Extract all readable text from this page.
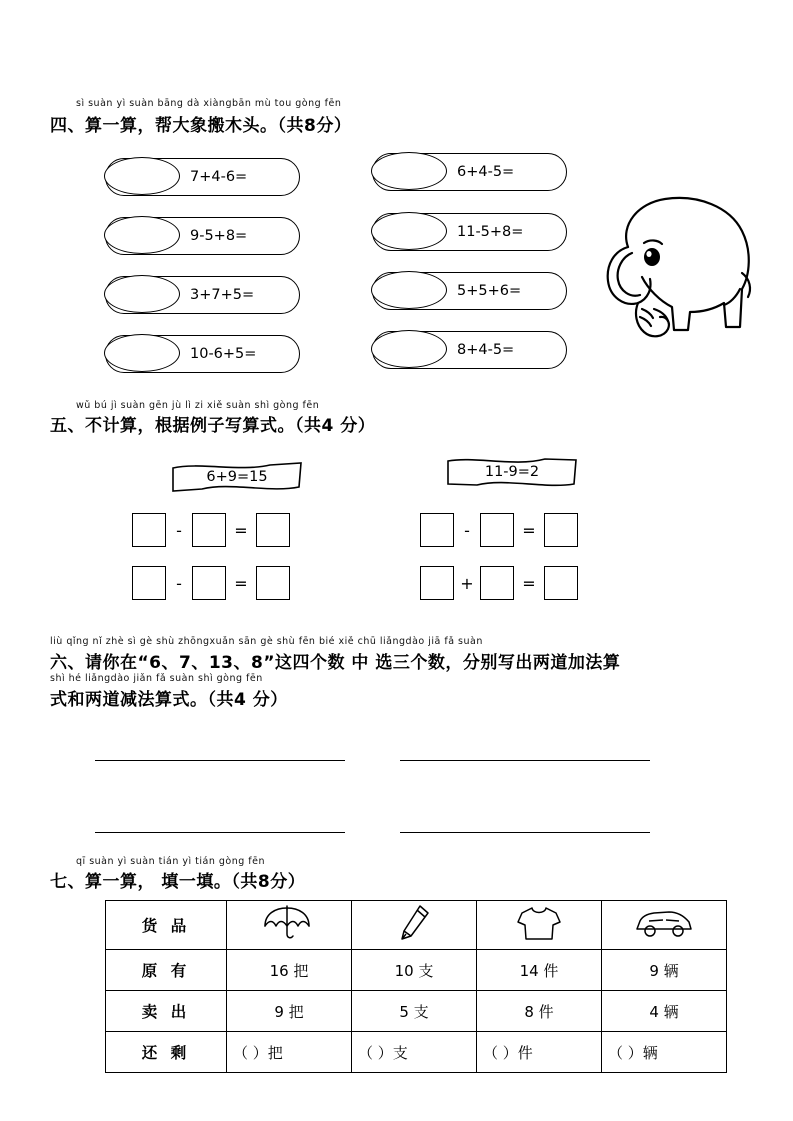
sì suàn yì suàn bāng dà xiàngbān mù tou gòng fēn
四、算一算，帮大象搬木头。（共8分）
7+4-6=
9-5+8=
3+7+5=
10-6+5=
6+4-5=
11-5+8=
5+5+6=
8+4-5=
wǔ bú jì suàn gēn jù lì zi xiě suàn shì gòng fēn
五、不计算，根据例子写算式。（共4 分）
6+9=15	11-9=2
-	=
-	=
-	=
+	=
liù qǐng nǐ zhè sì gè shù zhōngxuǎn sān gè shù fēn bié xiě chū liǎngdào jiā fǎ suàn
六、请你在“6、7、13、8”这四个数 中 选三个数，分别写出两道加法算
shì hé liǎngdào jiǎn fǎ suàn shì gòng fēn
式和两道减法算式。（共4 分）
qī suàn yì suàn tián yì tián gòng fēn
七、算一算， 填一填。（共8分）
货 品				
原 有	16 把	10 支	14 件	9 辆
卖 出	9 把	5 支	8 件	4 辆
还 剩	（ ）把	（ ）支	（ ）件	（ ）辆
